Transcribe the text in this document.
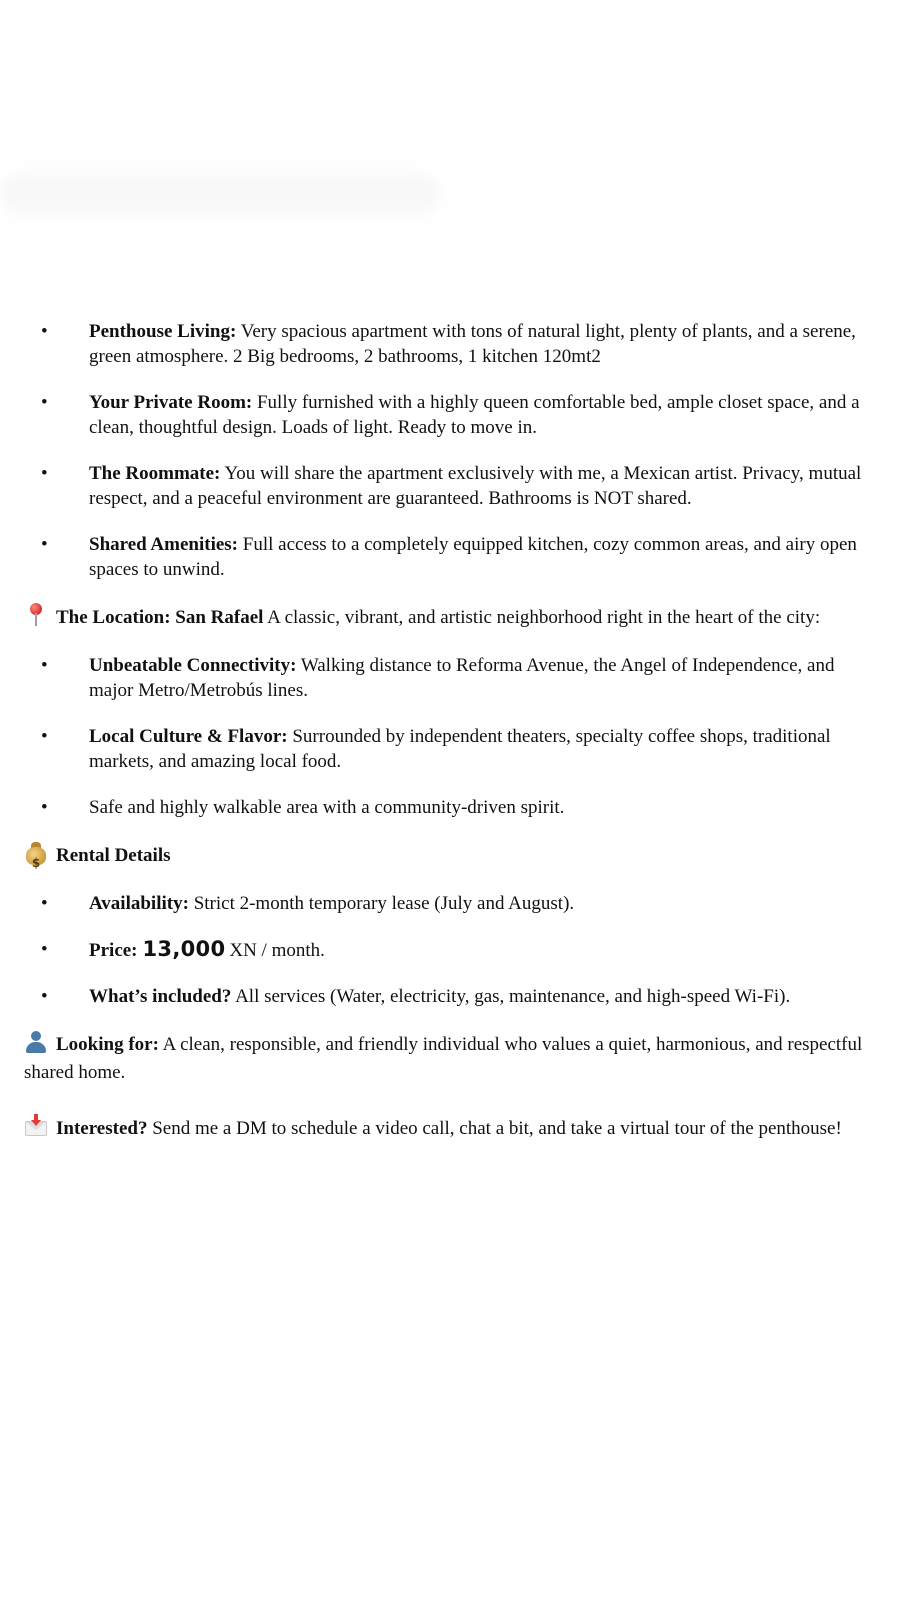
• Penthouse Living: Very spacious apartment with tons of natural light, plenty of plants, and a serene, green atmosphere. 2 Big bedrooms, 2 bathrooms, 1 kitchen 120mt2
• Your Private Room: Fully furnished with a highly queen comfortable bed, ample closet space, and a clean, thoughtful design. Loads of light. Ready to move in.
• The Roommate: You will share the apartment exclusively with me, a Mexican artist. Privacy, mutual respect, and a peaceful environment are guaranteed. Bathrooms is NOT shared.
• Shared Amenities: Full access to a completely equipped kitchen, cozy common areas, and airy open spaces to unwind.
The Location: San Rafael A classic, vibrant, and artistic neighborhood right in the heart of the city:
• Unbeatable Connectivity: Walking distance to Reforma Avenue, the Angel of Independence, and major Metro/Metrobús lines.
• Local Culture & Flavor: Surrounded by independent theaters, specialty coffee shops, traditional markets, and amazing local food.
• Safe and highly walkable area with a community-driven spirit.
$ Rental Details
• Availability: Strict 2-month temporary lease (July and August).
• Price: 13,000 XN / month.
• What’s included? All services (Water, electricity, gas, maintenance, and high-speed Wi-Fi).
Looking for: A clean, responsible, and friendly individual who values a quiet, harmonious, and respectful shared home.
Interested? Send me a DM to schedule a video call, chat a bit, and take a virtual tour of the penthouse!
